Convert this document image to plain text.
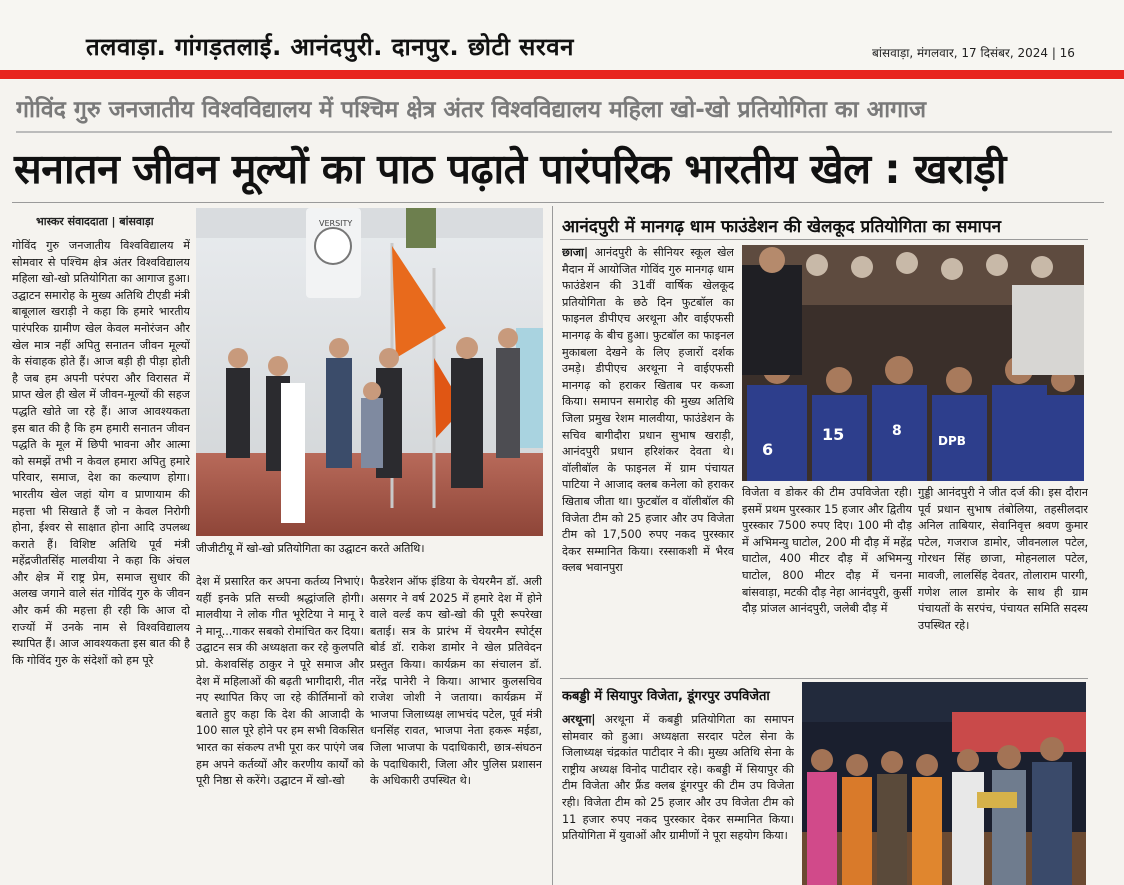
तलवाड़ा. गांगड़तलाई. आनंदपुरी. दानपुर. छोटी सरवन	बांसवाड़ा, मंगलवार, 17 दिसंबर, 2024 | 16
गोविंद गुरु जनजातीय विश्वविद्यालय में पश्चिम क्षेत्र अंतर विश्वविद्यालय महिला खो-खो प्रतियोगिता का आगाज
सनातन जीवन मूल्यों का पाठ पढ़ाते पारंपरिक भारतीय खेल : खराड़ी
भास्कर संवाददाता | बांसवाड़ा
गोविंद गुरु जनजातीय विश्वविद्यालय में सोमवार से पश्चिम क्षेत्र अंतर विश्वविद्यालय महिला खो-खो प्रतियोगिता का आगाज हुआ। उद्घाटन समारोह के मुख्य अतिथि टीएडी मंत्री बाबूलाल खराड़ी ने कहा कि हमारे भारतीय पारंपरिक ग्रामीण खेल केवल मनोरंजन और खेल मात्र नहीं अपितु सनातन जीवन मूल्यों के संवाहक होते हैं। आज बड़ी ही पीड़ा होती है जब हम अपनी परंपरा और विरासत में प्राप्त खेल ही खेल में जीवन-मूल्यों की सहज पद्धति खोते जा रहे हैं। आज आवश्यकता इस बात की है कि हम हमारी सनातन जीवन पद्धति के मूल में छिपी भावना और आत्मा को समझें तभी न केवल हमारा अपितु हमारे परिवार, समाज, देश का कल्याण होगा। भारतीय खेल जहां योग व प्राणायाम की महत्ता भी सिखाते हैं जो न केवल निरोगी होना, ईश्वर से साक्षात होना आदि उपलब्ध कराते हैं। विशिष्ट अतिथि पूर्व मंत्री महेंद्रजीतसिंह मालवीया ने कहा कि अंचल और क्षेत्र में राष्ट्र प्रेम, समाज सुधार की अलख जगाने वाले संत गोविंद गुरु के जीवन और कर्म की महत्ता ही रही कि आज दो राज्यों में उनके नाम से विश्वविद्यालय स्थापित हैं। आज आवश्यकता इस बात की है कि गोविंद गुरु के संदेशों को हम पूरे
VERSITY
जीजीटीयू में खो-खो प्रतियोगिता का उद्घाटन करते अतिथि।
देश में प्रसारित कर अपना कर्तव्य निभाएं। यहीं इनके प्रति सच्ची श्रद्धांजलि होगी। मालवीया ने लोक गीत भूरेटिया ने मानू रे ने मानू...गाकर सबको रोमांचित कर दिया। उद्घाटन सत्र की अध्यक्षता कर रहे कुलपति प्रो. केशवसिंह ठाकुर ने पूरे समाज और देश में महिलाओं की बढ़ती भागीदारी, नीत नए स्थापित किए जा रहे कीर्तिमानों को बताते हुए कहा कि देश की आजादी के 100 साल पूरे होने पर हम सभी विकसित भारत का संकल्प तभी पूरा कर पाएंगे जब हम अपने कर्तव्यों और करणीय कार्यों को पूरी निष्ठा से करेंगे। उद्घाटन में खो-खो
फैडरेशन ऑफ इंडिया के चेयरमैन डॉ. अली असगर ने वर्ष 2025 में हमारे देश में होने वाले वर्ल्ड कप खो-खो की पूरी रूपरेखा बताई। सत्र के प्रारंभ में चेयरमैन स्पोर्ट्स बोर्ड डॉ. राकेश डामोर ने खेल प्रतिवेदन प्रस्तुत किया। कार्यक्रम का संचालन डॉ. नरेंद्र पानेरी ने किया। आभार कुलसचिव राजेश जोशी ने जताया। कार्यक्रम में भाजपा जिलाध्यक्ष लाभचंद पटेल, पूर्व मंत्री धनसिंह रावत, भाजपा नेता हकरू मईडा, जिला भाजपा के पदाधिकारी, छात्र-संघठन के पदाधिकारी, जिला और पुलिस प्रशासन के अधिकारी उपस्थित थे।
आनंदपुरी में मानगढ़ धाम फाउंडेशन की खेलकूद प्रतियोगिता का समापन
छाजा| आनंदपुरी के सीनियर स्कूल खेल मैदान में आयोजित गोविंद गुरु मानगढ़ धाम फाउंडेशन की 31वीं वार्षिक खेलकूद प्रतियोगिता के छठे दिन फुटबॉल का फाइनल डीपीएच अरथूना और वाईएफसी मानगढ़ के बीच हुआ। फुटबॉल का फाइनल मुकाबला देखने के लिए हजारों दर्शक उमड़े। डीपीएच अरथूना ने वाईएफसी मानगढ़ को हराकर खिताब पर कब्जा किया। समापन समारोह की मुख्य अतिथि जिला प्रमुख रेशम मालवीया, फाउंडेशन के सचिव बागीदौरा प्रधान सुभाष खराड़ी, आनंदपुरी प्रधान हरिशंकर देवता थे। वॉलीबॉल के फाइनल में ग्राम पंचायत पाटिया ने आजाद क्लब कनेला को हराकर खिताब जीता था। फुटबॉल व वॉलीबॉल की विजेता टीम को 25 हजार और उप विजेता टीम को 17,500 रुपए नकद पुरस्कार देकर सम्मानित किया। रस्साकशी में भैरव क्लब भवानपुरा
15	8
6	DPB
विजेता व डोकर की टीम उपविजेता रही। इसमें प्रथम पुरस्कार 15 हजार और द्वितीय पुरस्कार 7500 रुपए दिए। 100 मी दौड़ में अभिमन्यु घाटोल, 200 मी दौड़ में महेंद्र घाटोल, 400 मीटर दौड़ में अभिमन्यु घाटोल, 800 मीटर दौड़ में चनना बांसवाड़ा, मटकी दौड़ नेहा आनंदपुरी, कुर्सी दौड़ प्रांजल आनंदपुरी, जलेबी दौड़ में
गुड्डी आनंदपुरी ने जीत दर्ज की। इस दौरान पूर्व प्रधान सुभाष तंबोलिया, तहसीलदार अनिल ताबियार, सेवानिवृत्त श्रवण कुमार पटेल, गजराज डामोर, जीवनलाल पटेल, गोरधन सिंह छाजा, मोहनलाल पटेल, मावजी, लालसिंह देवतर, तोलाराम पारगी, गणेश लाल डामोर के साथ ही ग्राम पंचायतों के सरपंच, पंचायत समिति सदस्य उपस्थित रहे।
कबड्डी में सियापुर विजेता, डूंगरपुर उपविजेता
अरथूना| अरथूना में कबड्डी प्रतियोगिता का समापन सोमवार को हुआ। अध्यक्षता सरदार पटेल सेना के जिलाध्यक्ष चंद्रकांत पाटीदार ने की। मुख्य अतिथि सेना के राष्ट्रीय अध्यक्ष विनोद पाटीदार रहे। कबड्डी में सियापुर की टीम विजेता और फ्रैंड क्लब डूंगरपुर की टीम उप विजेता रही। विजेता टीम को 25 हजार और उप विजेता टीम को 11 हजार रुपए नकद पुरस्कार देकर सम्मानित किया। प्रतियोगिता में युवाओं और ग्रामीणों ने पूरा सहयोग किया।
